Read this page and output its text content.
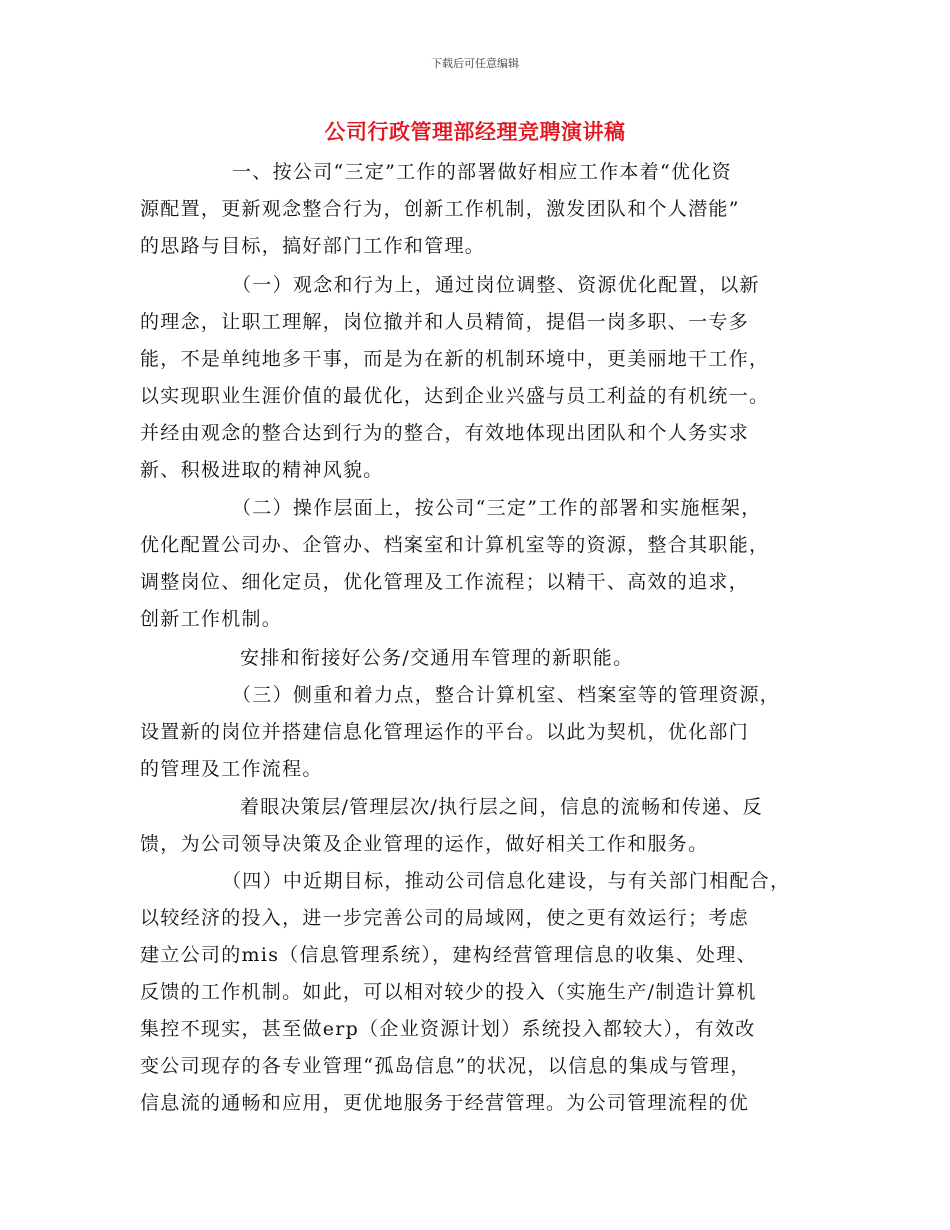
下载后可任意编辑
公司行政管理部经理竞聘演讲稿
一、按公司“三定”工作的部署做好相应工作本着“优化资
源配置，更新观念整合行为，创新工作机制，激发团队和个人潜能”
的思路与目标，搞好部门工作和管理。
（一）观念和行为上，通过岗位调整、资源优化配置，以新
的理念，让职工理解，岗位撤并和人员精简，提倡一岗多职、一专多
能，不是单纯地多干事，而是为在新的机制环境中，更美丽地干工作，
以实现职业生涯价值的最优化，达到企业兴盛与员工利益的有机统一。
并经由观念的整合达到行为的整合，有效地体现出团队和个人务实求
新、积极进取的精神风貌。
（二）操作层面上，按公司“三定”工作的部署和实施框架，
优化配置公司办、企管办、档案室和计算机室等的资源，整合其职能，
调整岗位、细化定员，优化管理及工作流程；以精干、高效的追求，
创新工作机制。
安排和衔接好公务/交通用车管理的新职能。
（三）侧重和着力点，整合计算机室、档案室等的管理资源，
设置新的岗位并搭建信息化管理运作的平台。以此为契机，优化部门
的管理及工作流程。
着眼决策层/管理层次/执行层之间，信息的流畅和传递、反
馈，为公司领导决策及企业管理的运作，做好相关工作和服务。
（四）中近期目标，推动公司信息化建设，与有关部门相配合，
以较经济的投入，进一步完善公司的局域网，使之更有效运行；考虑
建立公司的mis（信息管理系统），建构经营管理信息的收集、处理、
反馈的工作机制。如此，可以相对较少的投入（实施生产/制造计算机
集控不现实，甚至做erp（企业资源计划）系统投入都较大），有效改
变公司现存的各专业管理“孤岛信息”的状况，以信息的集成与管理，
信息流的通畅和应用，更优地服务于经营管理。为公司管理流程的优
